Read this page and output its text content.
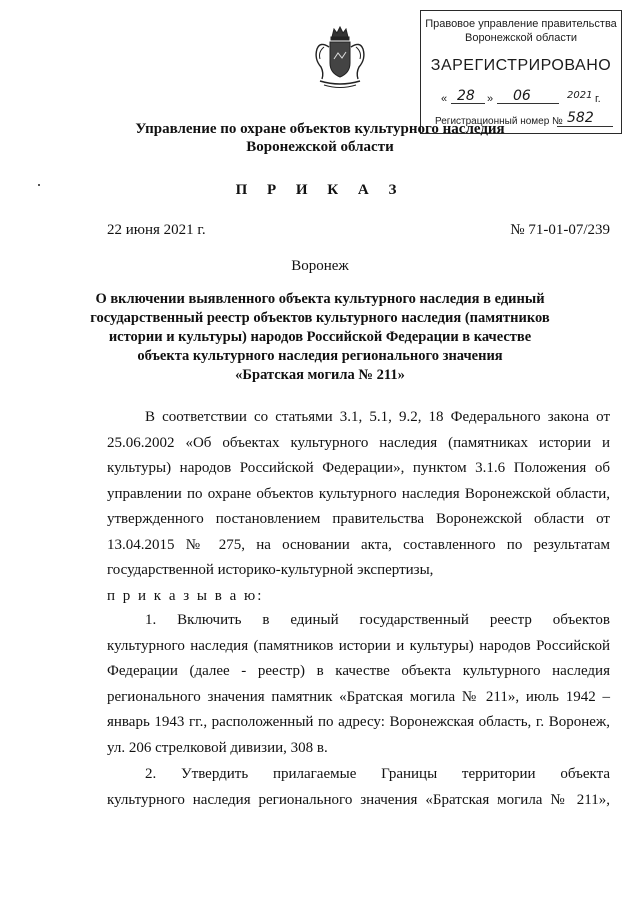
Правовое управление правительства
Воронежской области
ЗАРЕГИСТРИРОВАНО
« 28 » 06	2021 г.
Регистрационный номер № 582
Управление по охране объектов культурного наследия
Воронежской области
П Р И К А З
22 июня 2021 г.	№ 71-01-07/239
Воронеж
О включении выявленного объекта культурного наследия в единый
государственный реестр объектов культурного наследия (памятников
истории и культуры) народов Российской Федерации в качестве
объекта культурного наследия регионального значения
«Братская могила № 211»
В соответствии со статьями 3.1, 5.1, 9.2, 18 Федерального закона от
25.06.2002 «Об объектах культурного наследия (памятниках истории и
культуры) народов Российской Федерации», пунктом 3.1.6 Положения об
управлении по охране объектов культурного наследия Воронежской области,
утвержденного постановлением правительства Воронежской области от
13.04.2015 № 275, на основании акта, составленного по результатам
государственной историко-культурной экспертизы,
п р и к а з ы в а ю:
1. Включить в единый государственный реестр объектов
культурного наследия (памятников истории и культуры) народов Российской
Федерации (далее - реестр) в качестве объекта культурного наследия
регионального значения памятник «Братская могила № 211», июль 1942 –
январь 1943 гг., расположенный по адресу: Воронежская область, г. Воронеж,
ул. 206 стрелковой дивизии, 308 в.
2. Утвердить прилагаемые Границы территории объекта
культурного наследия регионального значения «Братская могила № 211»,
